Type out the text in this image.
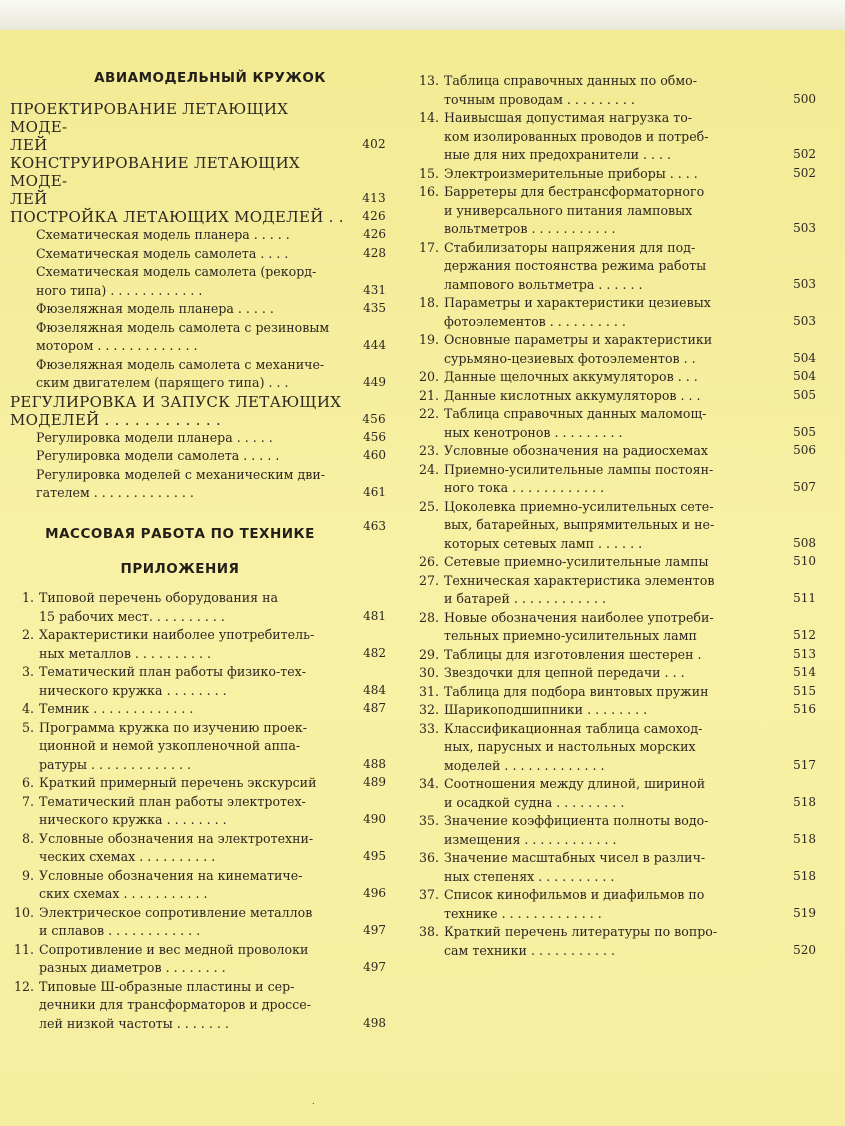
АВИАМОДЕЛЬНЫЙ КРУЖОК
ПРОЕКТИРОВАНИЕ ЛЕТАЮЩИХ МОДЕ-
ЛЕЙ	402
КОНСТРУИРОВАНИЕ ЛЕТАЮЩИХ МОДЕ-
ЛЕЙ	413
ПОСТРОЙКА ЛЕТАЮЩИХ МОДЕЛЕЙ . .	426
Схематическая модель планера . . . . .	426
Схематическая модель самолета . . . .	428
Схематическая модель самолета (рекорд-
ного типа) . . . . . . . . . . . .	431
Фюзеляжная модель планера . . . . .	435
Фюзеляжная модель самолета с резиновым
мотором . . . . . . . . . . . . .	444
Фюзеляжная модель самолета с механиче-
ским двигателем (парящего типа) . . .	449
РЕГУЛИРОВКА И ЗАПУСК ЛЕТАЮЩИХ
МОДЕЛЕЙ . . . . . . . . . . . .	456
Регулировка модели планера . . . . .	456
Регулировка модели самолета . . . . .	460
Регулировка моделей с механическим дви-
гателем . . . . . . . . . . . . .	461
МАССОВАЯ РАБОТА ПО ТЕХНИКЕ	463
ПРИЛОЖЕНИЯ
1. Типовой перечень оборудования на
15 рабочих мест. . . . . . . . . .	481
2. Характеристики наиболее употребитель-
ных металлов . . . . . . . . . .	482
3. Тематический план работы физико-тех-
нического кружка . . . . . . . .	484
4. Темник . . . . . . . . . . . . .	487
5. Программа кружка по изучению проек-
ционной и немой узкопленочной аппа-
ратуры . . . . . . . . . . . . .	488
6. Краткий примерный перечень экскурсий	489
7. Тематический план работы электротех-
нического кружка . . . . . . . .	490
8. Условные обозначения на электротехни-
ческих схемах . . . . . . . . . .	495
9. Условные обозначения на кинематиче-
ских схемах . . . . . . . . . . .	496
10. Электрическое сопротивление металлов
и сплавов . . . . . . . . . . . .	497
11. Сопротивление и вес медной проволоки
разных диаметров . . . . . . . .	497
12. Типовые Ш-образные пластины и сер-
дечники для трансформаторов и дроссе-
лей низкой частоты . . . . . . .	498
13. Таблица справочных данных по обмо-
точным проводам . . . . . . . . .	500
14. Наивысшая допустимая нагрузка то-
ком изолированных проводов и потреб-
ные для них предохранители . . . .	502
15. Электроизмерительные приборы . . . .	502
16. Барретеры для бестрансформаторного
и универсального питания ламповых
вольтметров . . . . . . . . . . .	503
17. Стабилизаторы напряжения для под-
держания постоянства режима работы
лампового вольтметра . . . . . .	503
18. Параметры и характеристики цезиевых
фотоэлементов . . . . . . . . . .	503
19. Основные параметры и характеристики
сурьмяно-цезиевых фотоэлементов . .	504
20. Данные щелочных аккумуляторов . . .	504
21. Данные кислотных аккумуляторов . . .	505
22. Таблица справочных данных маломощ-
ных кенотронов . . . . . . . . .	505
23. Условные обозначения на радиосхемах	506
24. Приемно-усилительные лампы постоян-
ного тока . . . . . . . . . . . .	507
25. Цоколевка приемно-усилительных сете-
вых, батарейных, выпрямительных и не-
которых сетевых ламп . . . . . .	508
26. Сетевые приемно-усилительные лампы	510
27. Техническая характеристика элементов
и батарей . . . . . . . . . . . .	511
28. Новые обозначения наиболее употреби-
тельных приемно-усилительных ламп	512
29. Таблицы для изготовления шестерен .	513
30. Звездочки для цепной передачи . . .	514
31. Таблица для подбора винтовых пружин	515
32. Шарикоподшипники . . . . . . . .	516
33. Классификационная таблица самоход-
ных, парусных и настольных морских
моделей . . . . . . . . . . . . .	517
34. Соотношения между длиной, шириной
и осадкой судна . . . . . . . . .	518
35. Значение коэффициента полноты водо-
измещения . . . . . . . . . . . .	518
36. Значение масштабных чисел в различ-
ных степенях . . . . . . . . . .	518
37. Список кинофильмов и диафильмов по
технике . . . . . . . . . . . . .	519
38. Краткий перечень литературы по вопро-
сам техники . . . . . . . . . . .	520
.
